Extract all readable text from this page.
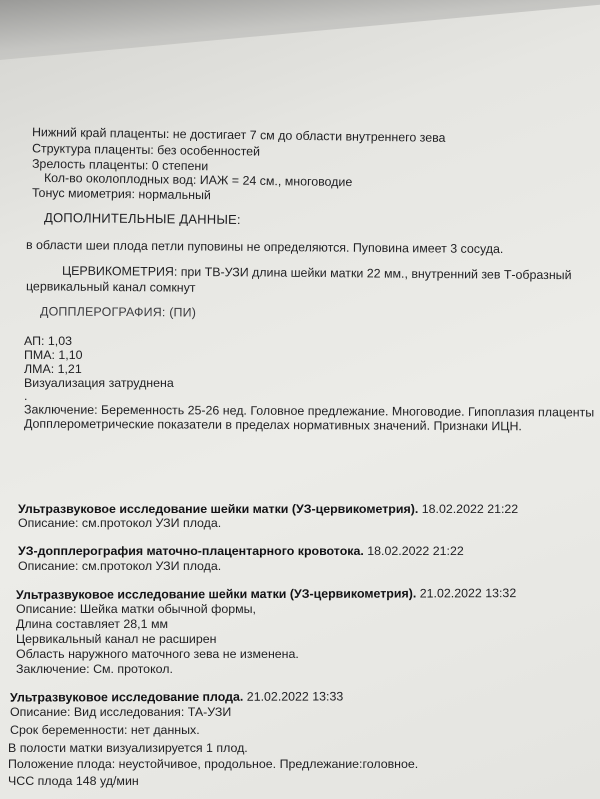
Нижний край плаценты: не достигает 7 см до области внутреннего зева
Структура плаценты: без особенностей
Зрелость плаценты: 0 степени
Кол-во околоплодных вод: ИАЖ = 24 см., многоводие
Тонус миометрия: нормальный
ДОПОЛНИТЕЛЬНЫЕ ДАННЫЕ:
в области шеи плода петли пуповины не определяются. Пуповина имеет 3 сосуда.
ЦЕРВИКОМЕТРИЯ: при ТВ-УЗИ длина шейки матки 22 мм., внутренний зев Т-образный
цервикальный канал сомкнут
ДОППЛЕРОГРАФИЯ: (ПИ)
АП: 1,03
ПМА: 1,10
ЛМА: 1,21
Визуализация затруднена
.
Заключение: Беременность 25-26 нед. Головное предлежание. Многоводие. Гипоплазия плаценты
Допплерометрические показатели в пределах нормативных значений. Признаки ИЦН.
Ультразвуковое исследование шейки матки (УЗ-цервикометрия). 18.02.2022 21:22
Описание: см.протокол УЗИ плода.
УЗ-допплерография маточно-плацентарного кровотока. 18.02.2022 21:22
Описание: см.протокол УЗИ плода.
Ультразвуковое исследование шейки матки (УЗ-цервикометрия). 21.02.2022 13:32
Описание: Шейка матки обычной формы,
Длина составляет 28,1 мм
Цервикальный канал не расширен
Область наружного маточного зева не изменена.
Заключение: См. протокол.
Ультразвуковое исследование плода. 21.02.2022 13:33
Описание: Вид исследования: ТА-УЗИ
Срок беременности: нет данных.
В полости матки визуализируется 1 плод.
Положение плода: неустойчивое, продольное. Предлежание:головное.
ЧСС плода 148 уд/мин
